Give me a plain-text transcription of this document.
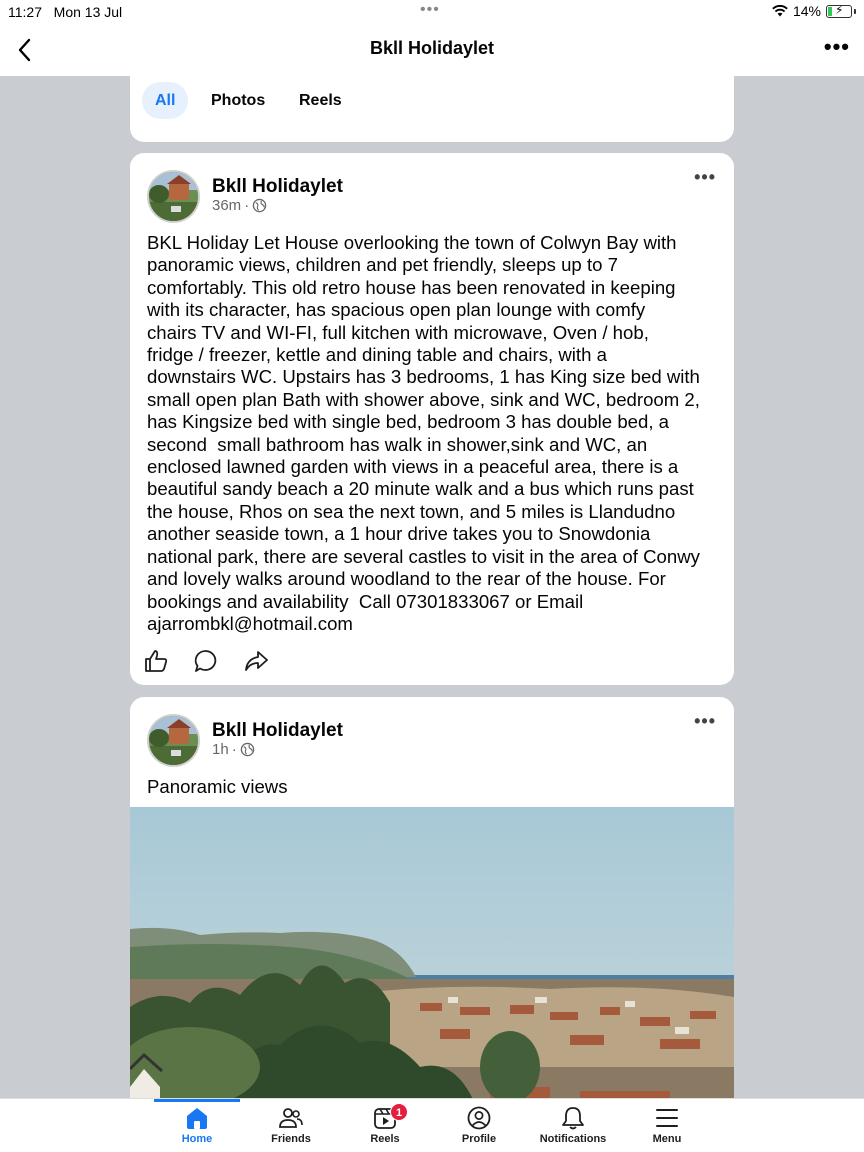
11:27 Mon 13 Jul	•••	14% ⚡
Bkll Holidaylet	•••
All	Photos	Reels
Bkll Holidaylet
36m ·
•••
BKL Holiday Let House overlooking the town of Colwyn Bay with
panoramic views, children and pet friendly, sleeps up to 7
comfortably. This old retro house has been renovated in keeping
with its character, has spacious open plan lounge with comfy
chairs TV and WI-FI, full kitchen with microwave, Oven / hob,
fridge / freezer, kettle and dining table and chairs, with a
downstairs WC. Upstairs has 3 bedrooms, 1 has King size bed with
small open plan Bath with shower above, sink and WC, bedroom 2,
has Kingsize bed with single bed, bedroom 3 has double bed, a
second  small bathroom has walk in shower,sink and WC, an
enclosed lawned garden with views in a peaceful area, there is a
beautiful sandy beach a 20 minute walk and a bus which runs past
the house, Rhos on sea the next town, and 5 miles is Llandudno
another seaside town, a 1 hour drive takes you to Snowdonia
national park, there are several castles to visit in the area of Conwy
and lovely walks around woodland to the rear of the house. For
bookings and availability  Call 07301833067 or Email
ajarrombkl@hotmail.com
Bkll Holidaylet
1h ·
•••
Panoramic views
Home	Friends
1
Reels	Profile	Notifications	Menu
